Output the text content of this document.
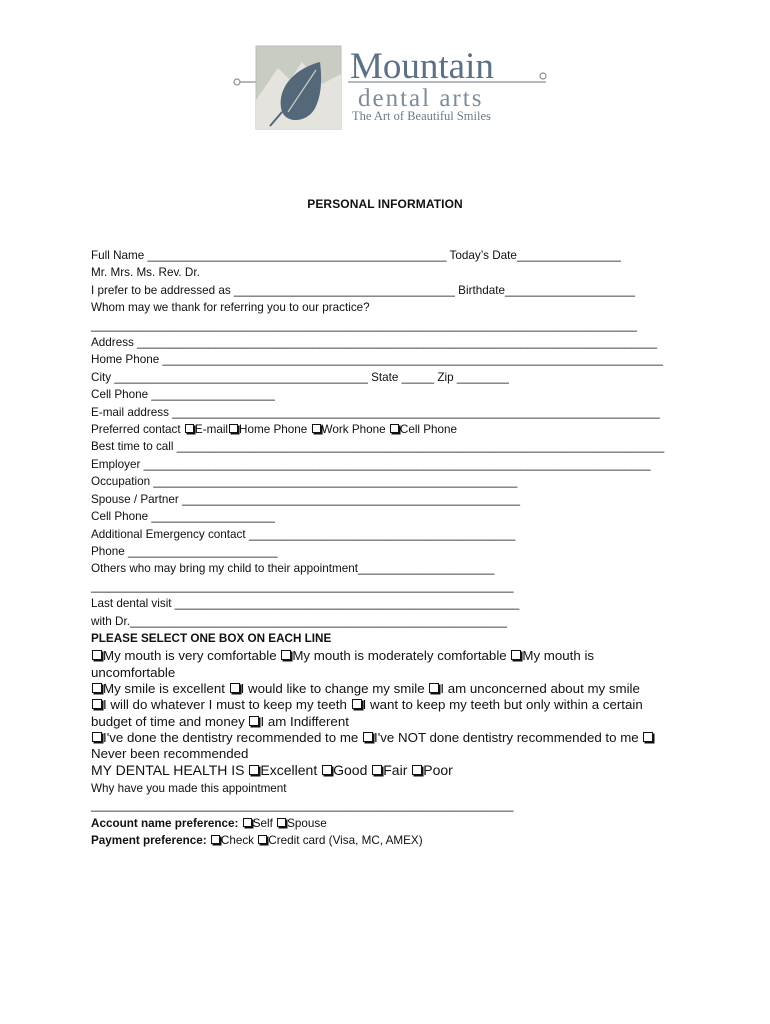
Mountain
dental arts
The Art of Beautiful Smiles
PERSONAL INFORMATION
Full Name ______________________________________________ Today’s Date________________
Mr. Mrs. Ms. Rev. Dr.
I prefer to be addressed as __________________________________ Birthdate____________________
Whom may we thank for referring you to our practice?
____________________________________________________________________________________
Address ________________________________________________________________________________
Home Phone _____________________________________________________________________________
City _______________________________________ State _____ Zip ________
Cell Phone ___________________
E-mail address ___________________________________________________________________________
Preferred contact E-mail Home Phone Work Phone Cell Phone
Best time to call ___________________________________________________________________________
Employer ______________________________________________________________________________
Occupation ________________________________________________________
Spouse / Partner ____________________________________________________
Cell Phone ___________________
Additional Emergency contact _________________________________________
Phone _______________________
Others who may bring my child to their appointment_____________________
_________________________________________________________________
Last dental visit _____________________________________________________
with Dr.__________________________________________________________
PLEASE SELECT ONE BOX ON EACH LINE
My mouth is very comfortable My mouth is moderately comfortable My mouth is uncomfortable
My smile is excellent I would like to change my smile I am unconcerned about my smile
I will do whatever I must to keep my teeth I want to keep my teeth but only within a certain budget of time and money I am Indifferent
I've done the dentistry recommended to me I've NOT done dentistry recommended to me Never been recommended
MY DENTAL HEALTH IS Excellent Good Fair Poor
Why have you made this appointment
_________________________________________________________________
Account name preference: Self Spouse
Payment preference: Check Credit card (Visa, MC, AMEX)
